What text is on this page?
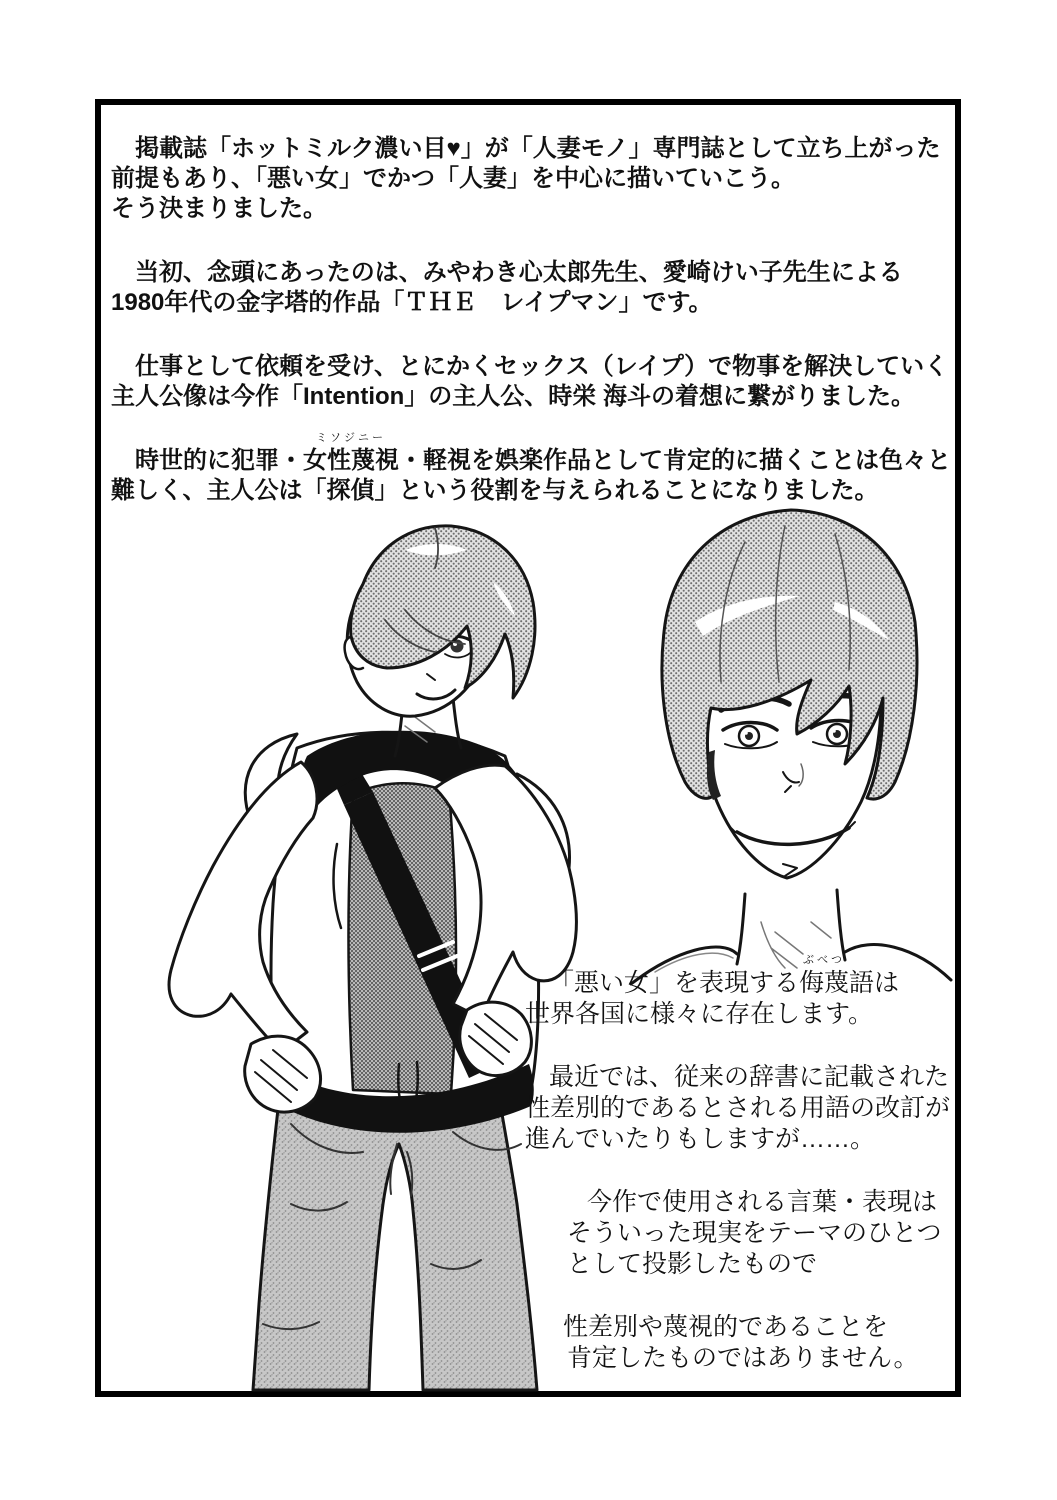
掲載誌「ホットミルク濃い目♥」が「人妻モノ」専門誌として立ち上がった
前提もあり、「悪い女」でかつ「人妻」を中心に描いていこう。
そう決まりました。
当初、念頭にあったのは、みやわき心太郎先生、愛崎けい子先生による
1980年代の金字塔的作品「ＴＨＥ　レイプマン」です。
仕事として依頼を受け、とにかくセックス（レイプ）で物事を解決していく
主人公像は今作「Intention」の主人公、時栄 海斗の着想に繋がりました。
時世的に犯罪・
ミソジニー
女性蔑視・軽視を娯楽作品として肯定的に描くことは色々と
難しく、主人公は「探偵」という役割を与えられることになりました。
「悪い女」を表現する
ぶべつ
侮蔑語は
世界各国に様々に存在します。
最近では、従来の辞書に記載された
性差別的であるとされる用語の改訂が
進んでいたりもしますが……。
今作で使用される言葉・表現は
そういった現実をテーマのひとつ
として投影したもので
性差別や蔑視的であることを
肯定したものではありません。
